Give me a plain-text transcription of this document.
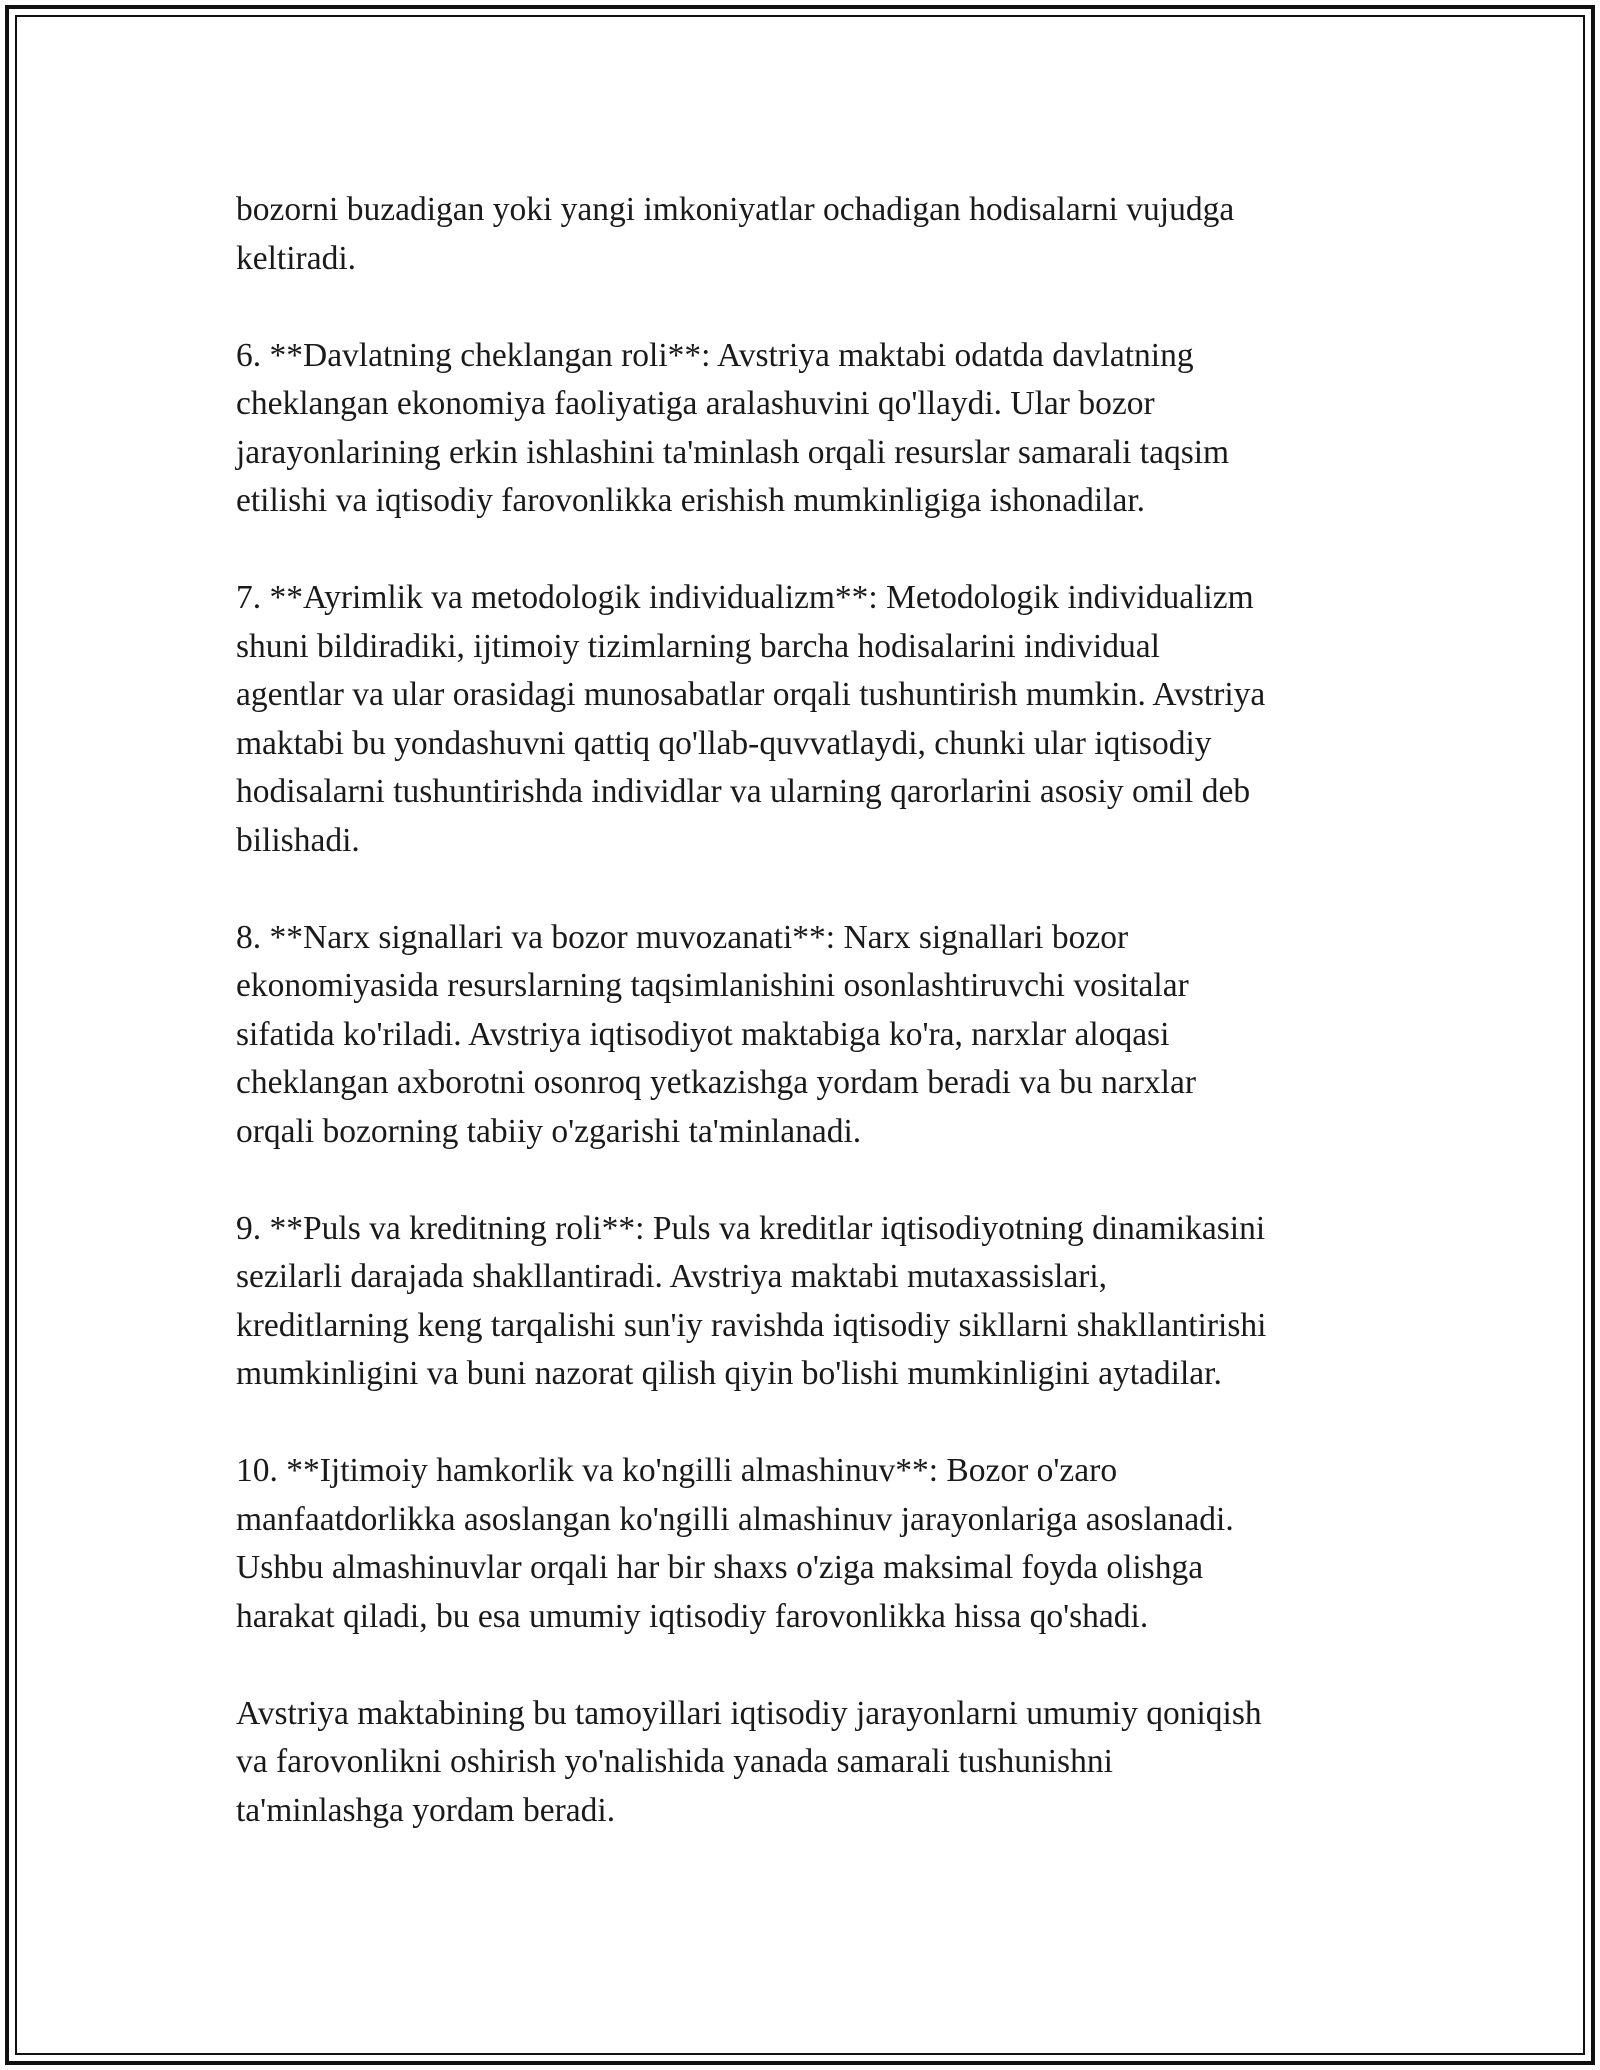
bozorni buzadigan yoki yangi imkoniyatlar ochadigan hodisalarni vujudga
keltiradi.

6. **Davlatning cheklangan roli**: Avstriya maktabi odatda davlatning
cheklangan ekonomiya faoliyatiga aralashuvini qo'llaydi. Ular bozor
jarayonlarining erkin ishlashini ta'minlash orqali resurslar samarali taqsim
etilishi va iqtisodiy farovonlikka erishish mumkinligiga ishonadilar.

7. **Ayrimlik va metodologik individualizm**: Metodologik individualizm
shuni bildiradiki, ijtimoiy tizimlarning barcha hodisalarini individual
agentlar va ular orasidagi munosabatlar orqali tushuntirish mumkin. Avstriya
maktabi bu yondashuvni qattiq qo'llab-quvvatlaydi, chunki ular iqtisodiy
hodisalarni tushuntirishda individlar va ularning qarorlarini asosiy omil deb
bilishadi.

8. **Narx signallari va bozor muvozanati**: Narx signallari bozor
ekonomiyasida resurslarning taqsimlanishini osonlashtiruvchi vositalar
sifatida ko'riladi. Avstriya iqtisodiyot maktabiga ko'ra, narxlar aloqasi
cheklangan axborotni osonroq yetkazishga yordam beradi va bu narxlar
orqali bozorning tabiiy o'zgarishi ta'minlanadi.

9. **Puls va kreditning roli**: Puls va kreditlar iqtisodiyotning dinamikasini
sezilarli darajada shakllantiradi. Avstriya maktabi mutaxassislari,
kreditlarning keng tarqalishi sun'iy ravishda iqtisodiy sikllarni shakllantirishi
mumkinligini va buni nazorat qilish qiyin bo'lishi mumkinligini aytadilar.

10. **Ijtimoiy hamkorlik va ko'ngilli almashinuv**: Bozor o'zaro
manfaatdorlikka asoslangan ko'ngilli almashinuv jarayonlariga asoslanadi.
Ushbu almashinuvlar orqali har bir shaxs o'ziga maksimal foyda olishga
harakat qiladi, bu esa umumiy iqtisodiy farovonlikka hissa qo'shadi.

Avstriya maktabining bu tamoyillari iqtisodiy jarayonlarni umumiy qoniqish
va farovonlikni oshirish yo'nalishida yanada samarali tushunishni
ta'minlashga yordam beradi.
